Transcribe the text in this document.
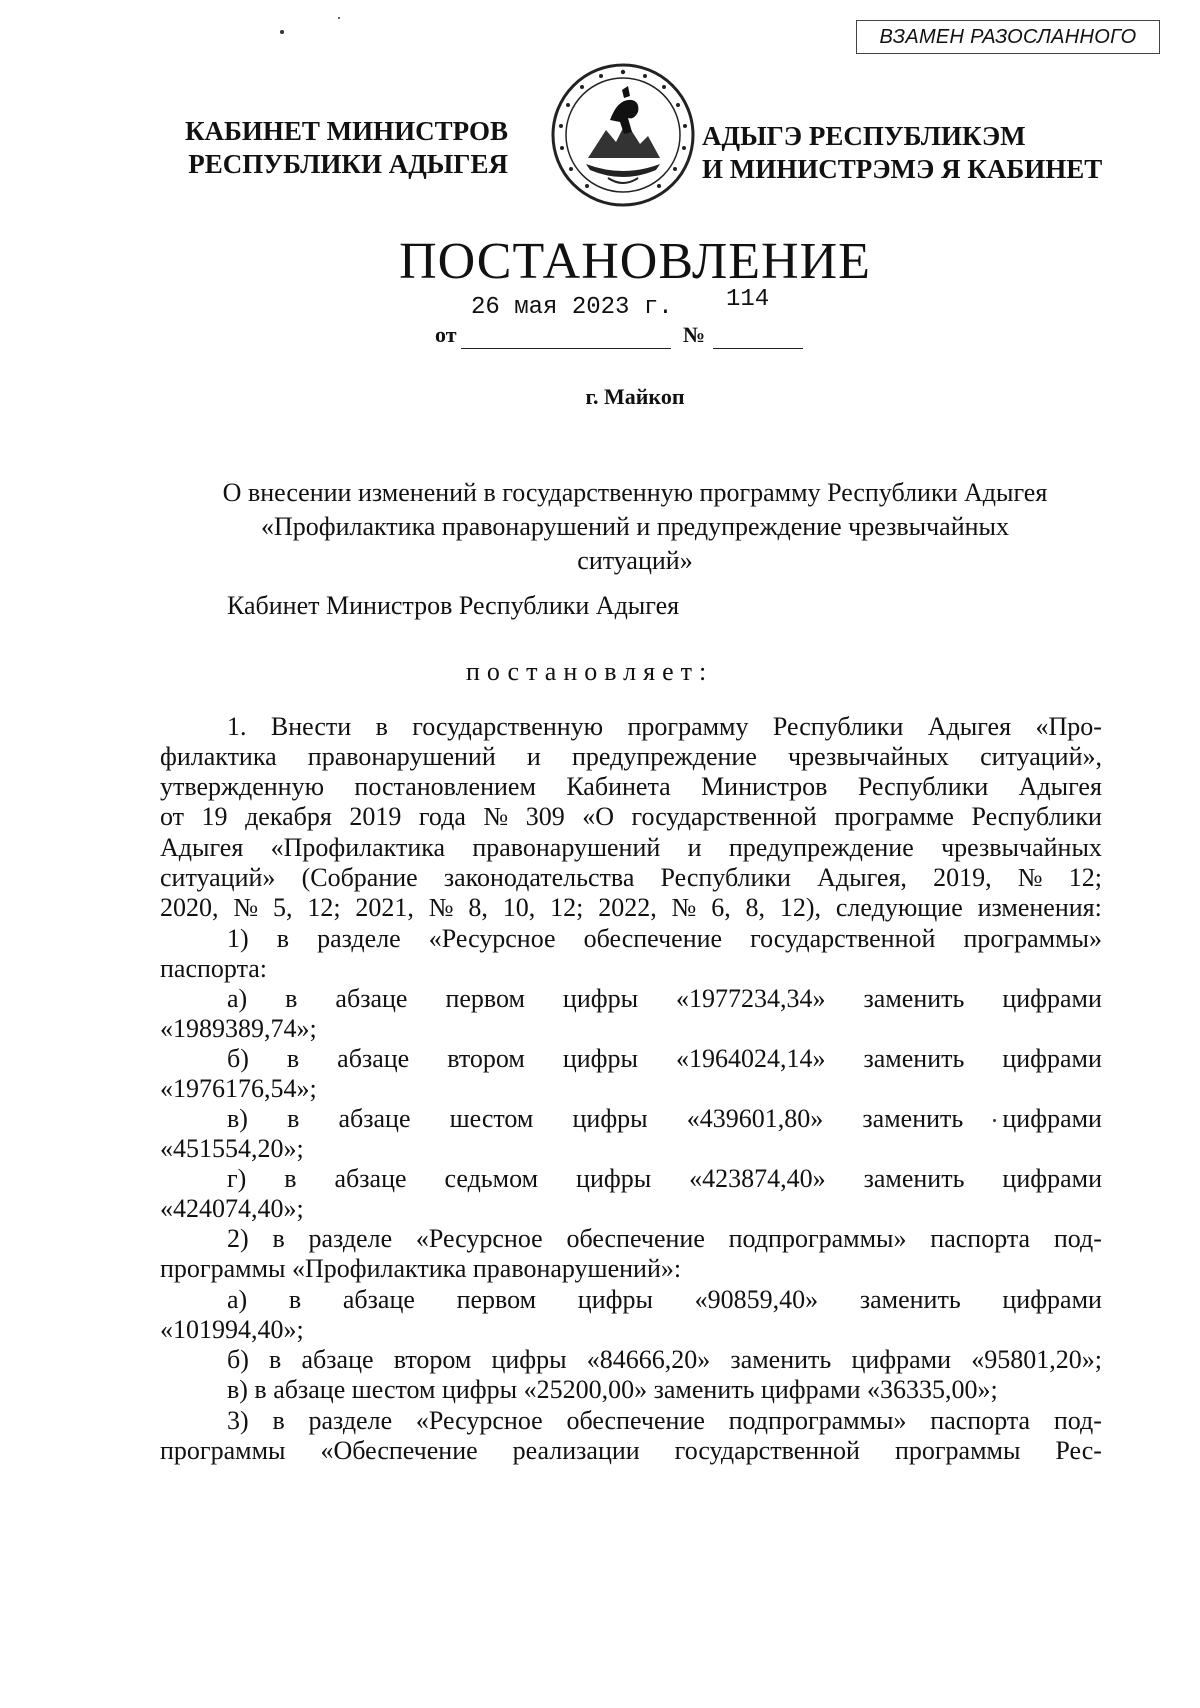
ВЗАМЕН РАЗОСЛАННОГО
КАБИНЕТ МИНИСТРОВ
РЕСПУБЛИКИ АДЫГЕЯ
АДЫГЭ РЕСПУБЛИКЭМ
И МИНИСТРЭМЭ Я КАБИНЕТ
ПОСТАНОВЛЕНИЕ
от
26 мая 2023 г.
№
114
г. Майкоп
О внесении изменений в государственную программу Республики Адыгея
«Профилактика правонарушений и предупреждение чрезвычайных
ситуаций»
Кабинет Министров Республики Адыгея
постановляет:
1. Внести в государственную программу Республики Адыгея «Про-
филактика правонарушений и предупреждение чрезвычайных ситуаций»,
утвержденную постановлением Кабинета Министров Республики Адыгея
от 19 декабря 2019 года № 309 «О государственной программе Республики
Адыгея «Профилактика правонарушений и предупреждение чрезвычайных
ситуаций» (Собрание законодательства Республики Адыгея, 2019, № 12;
2020, № 5, 12; 2021, № 8, 10, 12; 2022, № 6, 8, 12), следующие изменения:
1) в разделе «Ресурсное обеспечение государственной программы»
паспорта:
а) в абзаце первом цифры «1977234,34» заменить цифрами
«1989389,74»;
б) в абзаце втором цифры «1964024,14» заменить цифрами
«1976176,54»;
в) в абзаце шестом цифры «439601,80» заменить цифрами
«451554,20»;
г) в абзаце седьмом цифры «423874,40» заменить цифрами
«424074,40»;
2) в разделе «Ресурсное обеспечение подпрограммы» паспорта под-
программы «Профилактика правонарушений»:
а) в абзаце первом цифры «90859,40» заменить цифрами
«101994,40»;
б) в абзаце втором цифры «84666,20» заменить цифрами «95801,20»;
в) в абзаце шестом цифры «25200,00» заменить цифрами «36335,00»;
3) в разделе «Ресурсное обеспечение подпрограммы» паспорта под-
программы «Обеспечение реализации государственной программы Рес-
